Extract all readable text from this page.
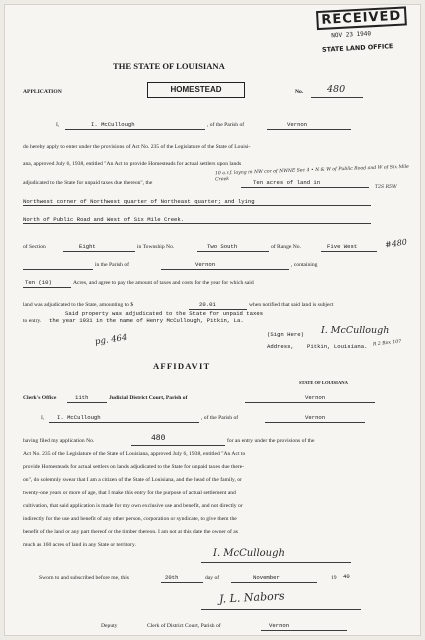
RECEIVED
NOV 23 1940
STATE LAND OFFICE
THE STATE OF LOUISIANA
APPLICATION	HOMESTEAD	No.	480
I,	I. McCullough	, of the Parish of	Vernon
do hereby apply to enter under the provisions of Act No. 235 of the Legislature of the State of Louisi-
ana, approved July 6, 1938, entitled "An Act to provide Homesteads for actual settlers upon lands
adjudicated to the State for unpaid taxes due thereon", the
10 a.r.f. layng in NW cor of NWNE Sec 4 • N & W of Public Road and W of Six Mile Creek
T2S R5W
Ten acres of land in
Northwest corner of Northwest quarter of Northeast quarter; and lying
North of Public Road and West of Six Mile Creek.
of Section	Eight	in Township No.	Two South	of Range No.	Five West	#480
in the Parish of	Vernon	, containing
Ten (10)	Acres, and agree to pay the amount of taxes and costs for the year for which said
land was adjudicated to the State, amounting to $	20.01	when notified that said land is subject
Said property was adjudicated to the State for unpaid taxes
to entry. the year 1931 in the name of Henry McCullough, Pitkin, La.
(Sign Here) I. McCullough
Address, Pitkin, Louisiana. R 2 Box 107
pg. 464
AFFIDAVIT
STATE OF LOUISIANA
Clerk's Office	11th	Judicial District Court, Parish of	Vernon
I, I. McCullough	, of the Parish of	Vernon
having filed my application No.	480	for an entry under the provisions of the
Act No. 235 of the Legislature of the State of Louisiana, approved July 6, 1938, entitled "An Act to
provide Homesteads for actual settlers on lands adjudicated to the State for unpaid taxes due there-
on", do solemnly swear that I am a citizen of the State of Louisiana, and the head of the family, or
twenty-one years or more of age, that I make this entry for the purpose of actual settlement and
cultivation, that said application is made for my own exclusive use and benefit, and not directly or
indirectly for the use and benefit of any other person, corporation or syndicate, to give them the
benefit of the land or any part thereof or the timber thereon. I am not at this date the owner of as
much as 160 acres of land in any State or territory.
I. McCullough
Sworn to and subscribed before me, this	20th	day of	November	19 40
J. L. Nabors
Deputy	Clerk of District Court, Parish of	Vernon
